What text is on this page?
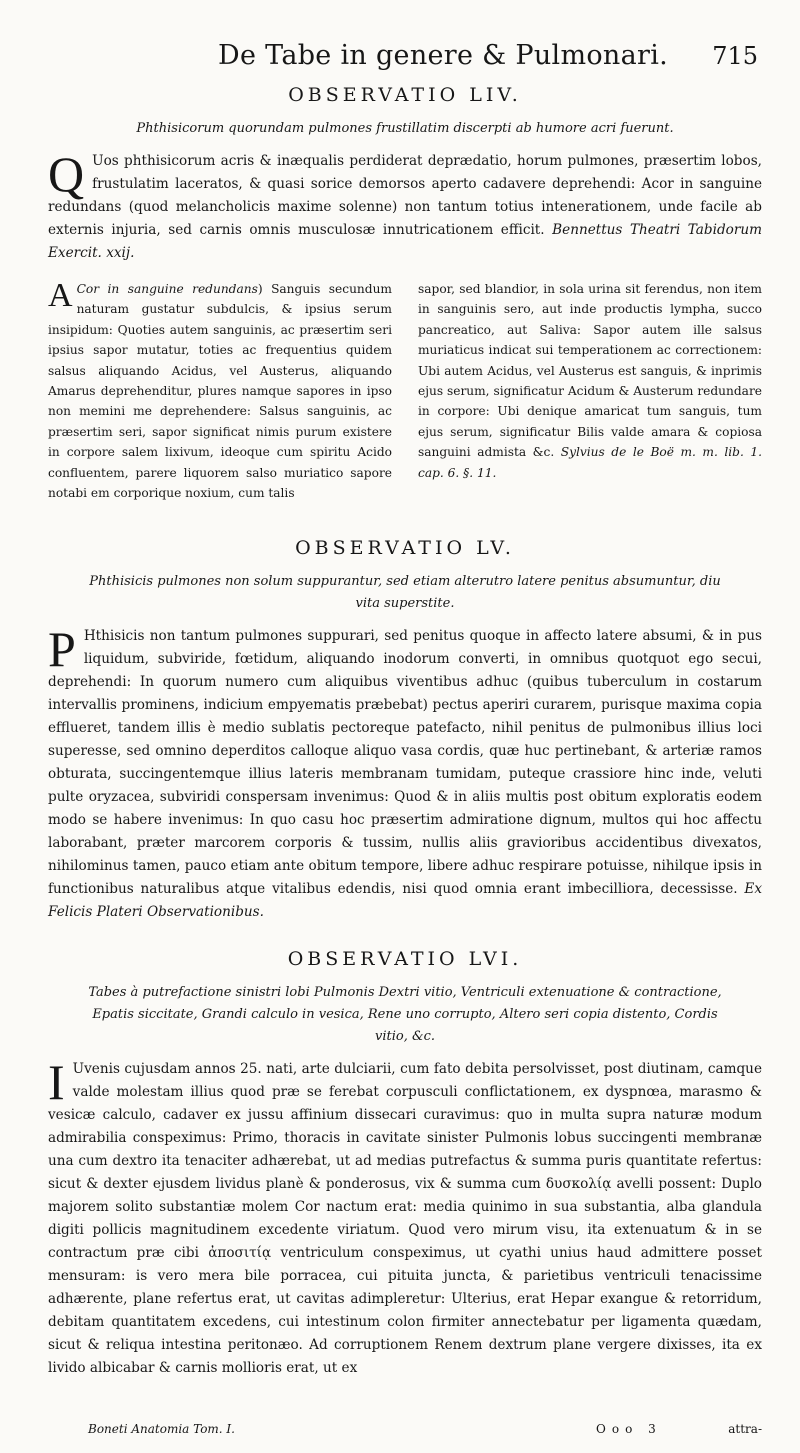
De Tabe in genere & Pulmonari. 715
OBSERVATIO LIV.
Phthisicorum quorundam pulmones frustillatim discerpti ab humore acri fuerunt.

Q Uos phthisicorum acris & inæqualis perdiderat deprædatio, horum pulmones, præsertim lobos, frustulatim laceratos, & quasi sorice demorsos aperto cadavere deprehendi: Acor in sanguine redundans (quod melancholicis maxime solenne) non tantum totius intenerationem, unde facile ab externis injuria, sed carnis omnis musculosæ innutricationem efficit. Bennettus Theatri Tabidorum Exercit. xxij.

A Cor in sanguine redundans) Sanguis secundum naturam gustatur subdulcis, & ipsius serum insipidum: Quoties autem sanguinis, ac præsertim seri ipsius sapor mutatur, toties ac frequentius quidem salsus aliquando Acidus, vel Austerus, aliquando Amarus deprehenditur, plures namque sapores in ipso non memini me deprehendere: Salsus sanguinis, ac præsertim seri, sapor significat nimis purum existere in corpore salem lixivum, ideoque cum spiritu Acido confluentem, parere liquorem salso muriatico sapore notabi em corporique noxium, cum talis

sapor, sed blandior, in sola urina sit ferendus, non item in sanguinis sero, aut inde productis lympha, succo pancreatico, aut Saliva: Sapor autem ille salsus muriaticus indicat sui temperationem ac correctionem: Ubi autem Acidus, vel Austerus est sanguis, & inprimis ejus serum, significatur Acidum & Austerum redundare in corpore: Ubi denique amaricat tum sanguis, tum ejus serum, significatur Bilis valde amara & copiosa sanguini admista &c. Sylvius de le Boë m. m. lib. 1. cap. 6. §. 11.

OBSERVATIO LV.
Phthisicis pulmones non solum suppurantur, sed etiam alterutro latere penitus absumuntur, diu vita superstite.

P Hthisicis non tantum pulmones suppurari, sed penitus quoque in affecto latere absumi, & in pus liquidum, subviride, fœtidum, aliquando inodorum converti, in omnibus quotquot ego secui, deprehendi: In quorum numero cum aliquibus viventibus adhuc (quibus tuberculum in costarum intervallis prominens, indicium empyematis præbebat) pectus aperiri curarem, purisque maxima copia efflueret, tandem illis è medio sublatis pectoreque patefacto, nihil penitus de pulmonibus illius loci superesse, sed omnino deperditos calloque aliquo vasa cordis, quæ huc pertinebant, & arteriæ ramos obturata, succingentemque illius lateris membranam tumidam, puteque crassiore hinc inde, veluti pulte oryzacea, subviridi conspersam invenimus: Quod & in aliis multis post obitum exploratis eodem modo se habere invenimus: In quo casu hoc præsertim admiratione dignum, multos qui hoc affectu laborabant, præter marcorem corporis & tussim, nullis aliis gravioribus accidentibus divexatos, nihilominus tamen, pauco etiam ante obitum tempore, libere adhuc respirare potuisse, nihilque ipsis in functionibus naturalibus atque vitalibus edendis, nisi quod omnia erant imbecilliora, decessisse. Ex Felicis Plateri Observationibus.

OBSERVATIO LVI.
Tabes à putrefactione sinistri lobi Pulmonis Dextri vitio, Ventriculi extenuatione & contractione, Epatis siccitate, Grandi calculo in vesica, Rene uno corrupto, Altero seri copia distento, Cordis vitio, &c.

I Uvenis cujusdam annos 25. nati, arte dulciarii, cum fato debita persolvisset, post diutinam, camque valde molestam illius quod præ se ferebat corpusculi conflictationem, ex dyspnœa, marasmo & vesicæ calculo, cadaver ex jussu affinium dissecari curavimus: quo in multa supra naturæ modum admirabilia conspeximus: Primo, thoracis in cavitate sinister Pulmonis lobus succingenti membranæ una cum dextro ita tenaciter adhærebat, ut ad medias putrefactus & summa puris quantitate refertus: sicut & dexter ejusdem lividus planè & ponderosus, vix & summa cum δυσκολίᾳ avelli possent: Duplo majorem solito substantiæ molem Cor nactum erat: media quinimo in sua substantia, alba glandula digiti pollicis magnitudinem excedente viriatum. Quod vero mirum visu, ita extenuatum & in se contractum præ cibi ἀποσιτίᾳ ventriculum conspeximus, ut cyathi unius haud admittere posset mensuram: is vero mera bile porracea, cui pituita juncta, & parietibus ventriculi tenacissime adhærente, plane refertus erat, ut cavitas adimpleretur: Ulterius, erat Hepar exangue & retorridum, debitam quantitatem excedens, cui intestinum colon firmiter annectebatur per ligamenta quædam, sicut & reliqua intestina peritonæo. Ad corruptionem Renem dextrum plane vergere dixisses, ita ex livido albicabar & carnis mollioris erat, ut ex

Boneti Anatomia Tom. I.	Ooo 3	attra-
